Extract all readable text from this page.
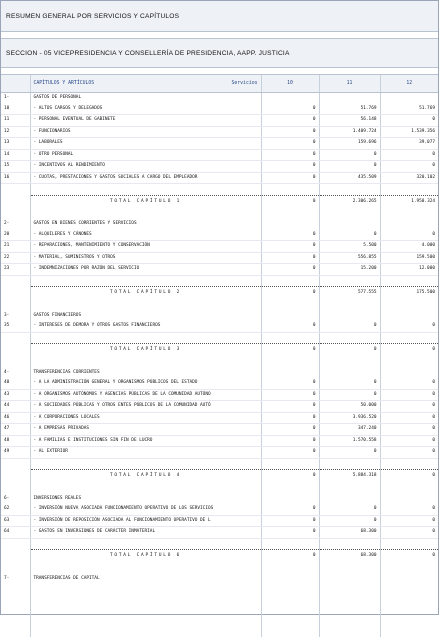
RESUMEN GENERAL POR SERVICIOS Y CAPÍTULOS
SECCION - 05 VICEPRESIDENCIA Y CONSELLERÍA DE PRESIDENCIA, AAPP. JUSTICIA
	CAPÍTULOS Y ARTÍCULOS Servicios	10	11	12
1-	GASTOS DE PERSONAL			
10	- ALTOS CARGOS Y DELEGADOS	0	51.769	51.769
11	- PERSONAL EVENTUAL DE GABINETE	0	56.148	0
12	- FUNCIONARIOS	0	1.409.724	1.539.356
13	- LABORALES	0	159.696	39.077
14	- OTRO PERSONAL	0	0	0
15	- INCENTIVOS AL RENDIMIENTO	0	0	0
16	- CUOTAS, PRESTACIONES Y GASTOS SOCIALES A CARGO DEL EMPLEADOR	0	435.509	320.102

	TOTAL CAPÍTULO 1	0	2.306.265	1.950.324

2-	GASTOS EN BIENES CORRIENTES Y SERVICIOS			
20	- ALQUILERES Y CÁNONES	0	0	0
21	- REPARACIONES, MANTENIMIENTO Y CONSERVACIÓN	0	5.500	4.000
22	- MATERIAL, SUMINISTROS Y OTROS	0	556.855	159.500
23	- INDEMNIZACIONES POR RAZÓN DEL SERVICIO	0	15.200	12.000

	TOTAL CAPÍTULO 2	0	577.555	175.500

3-	GASTOS FINANCIEROS			
35	- INTERESES DE DEMORA Y OTROS GASTOS FINANCIEROS	0	0	0

	TOTAL CAPÍTULO 3	0	0	0

4-	TRANSFERENCIAS CORRIENTES			
40	- A LA ADMINISTRACIÓN GENERAL Y ORGANISMOS PÚBLICOS DEL ESTADO	0	0	0
43	- A ORGANISMOS AUTÓNOMOS Y AGENCIAS PÚBLICAS DE LA COMUNIDAD AUTÓNO	0	0	0
44	- A SOCIEDADES PÚBLICAS Y OTROS ENTES PÚBLICOS DE LA COMUNIDAD AUTÓ	0	50.000	0
46	- A CORPORACIONES LOCALES	0	3.936.520	0
47	- A EMPRESAS PRIVADAS	0	347.240	0
48	- A FAMILIAS E INSTITUCIONES SIN FIN DE LUCRO	0	1.570.558	0
49	- AL EXTERIOR	0	0	0

	TOTAL CAPÍTULO 4	0	5.884.318	0

6-	INVERSIONES REALES			
62	- INVERSIÓN NUEVA ASOCIADA FUNCIONAMIENTO OPERATIVO DE LOS SERVICIOS	0	0	0
63	- INVERSIÓN DE REPOSICIÓN ASOCIADA AL FUNCIONAMIENTO OPERATIVO DE L	0	0	0
64	- GASTOS EN INVERSIONES DE CARÁCTER INMATERIAL	0	68.300	0

	TOTAL CAPÍTULO 6	0	68.300	0

7-	TRANSFERENCIAS DE CAPITAL			
